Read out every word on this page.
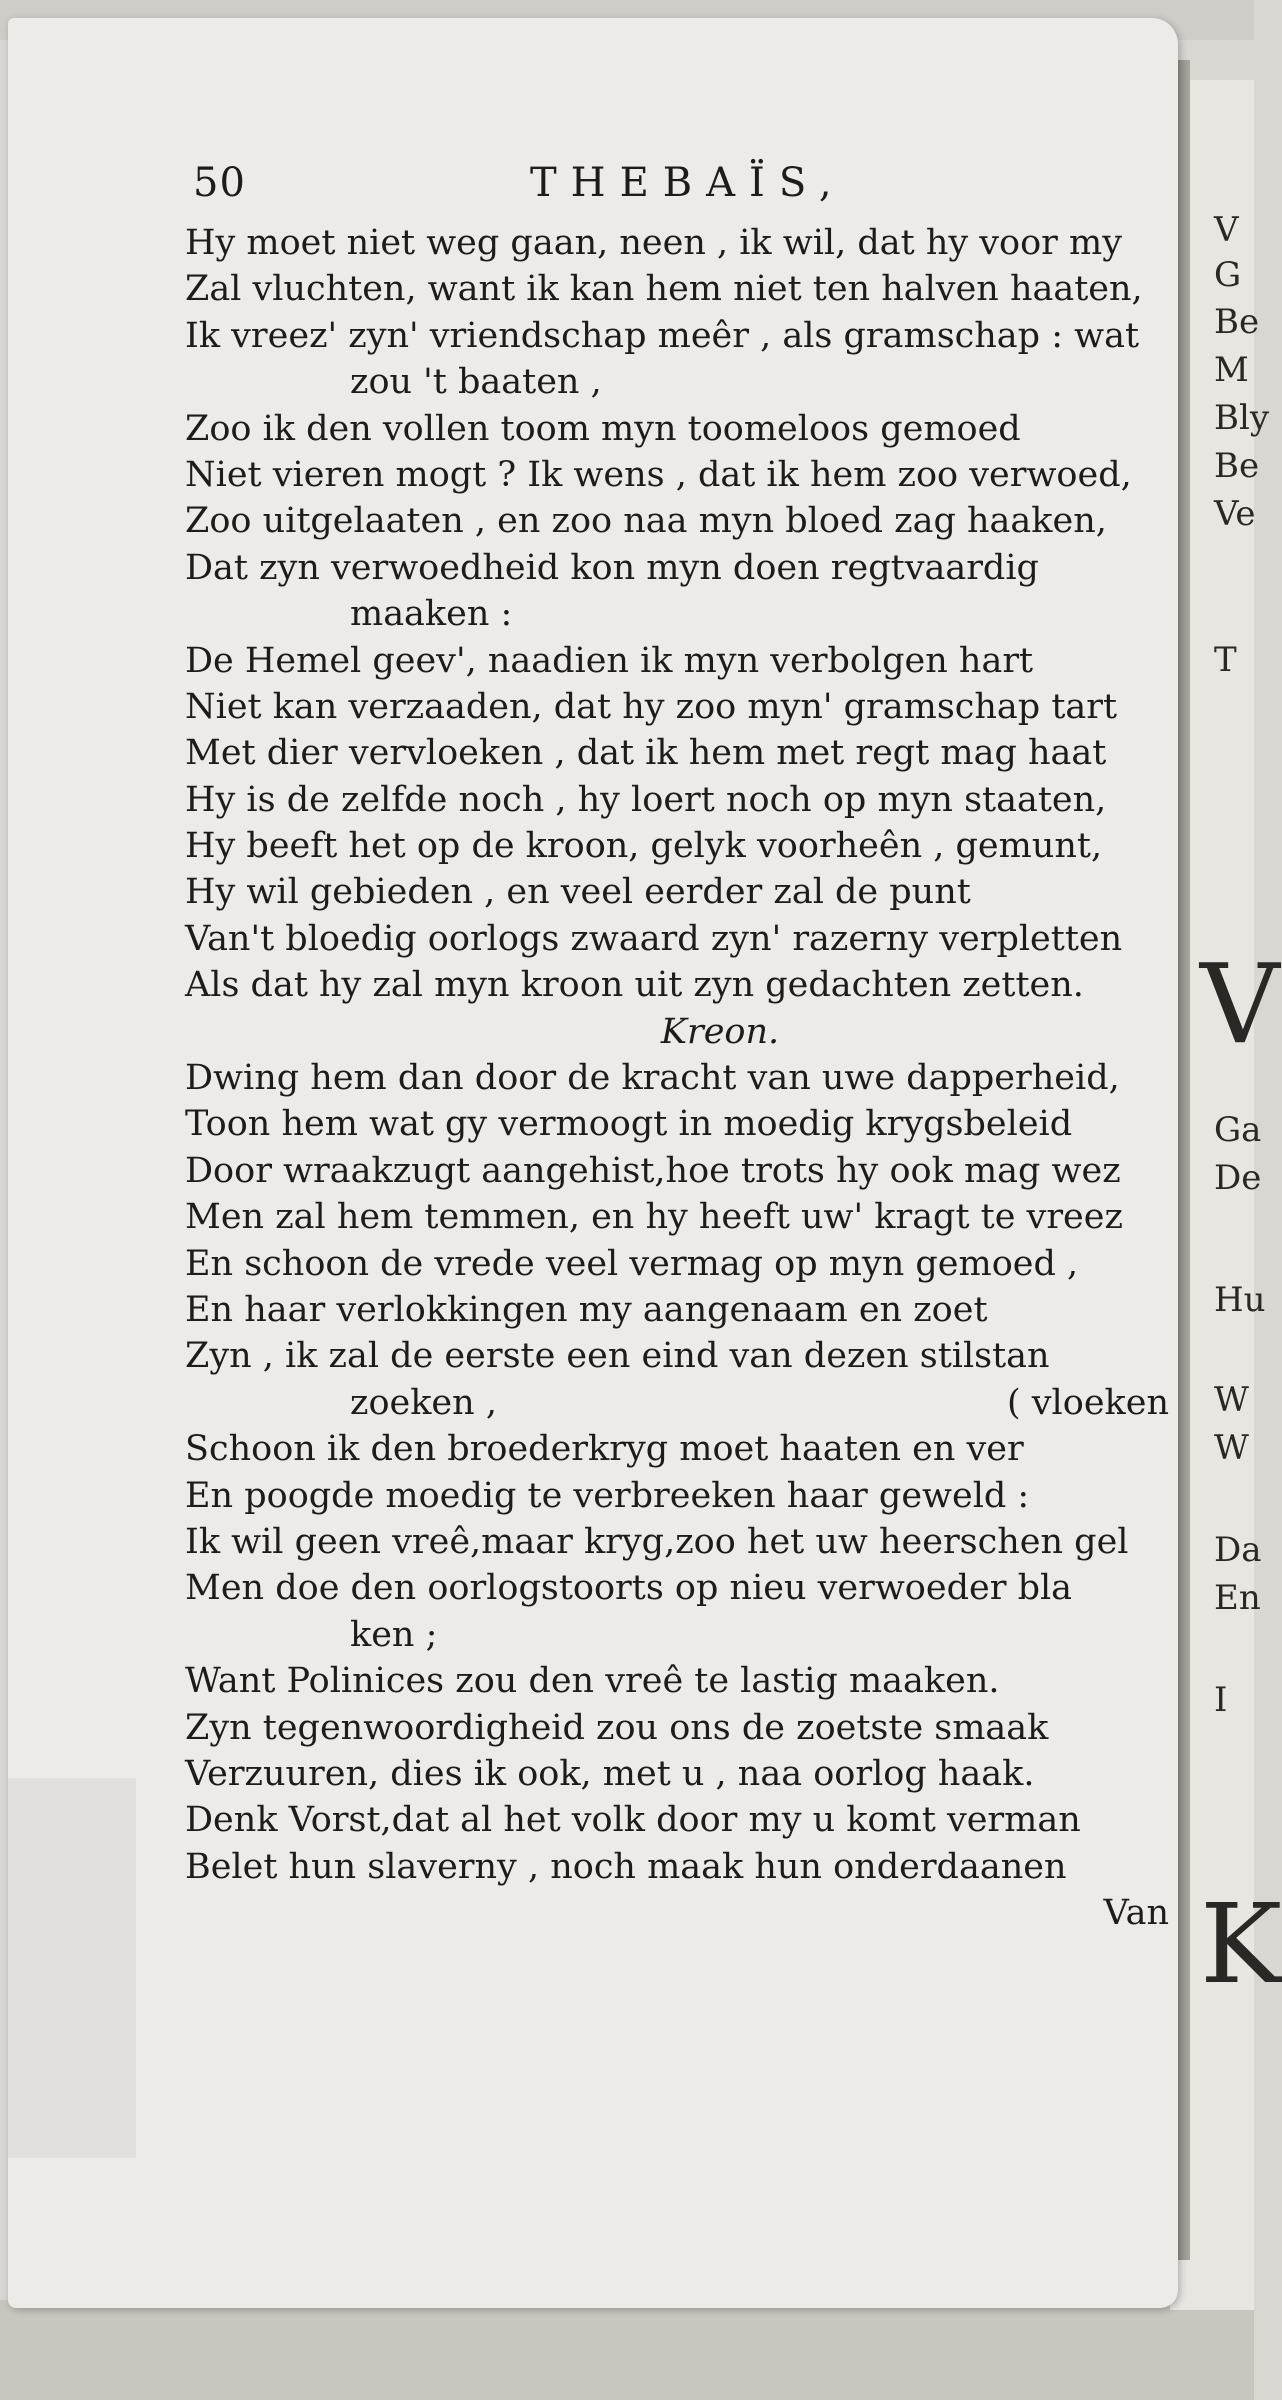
V
G
Be
M
Bly
Be
Ve
T
V
Ga
De
Hu
W
W
Da
En
I
K
50	THEBAÏS,
Hy moet niet weg gaan, neen , ik wil, dat hy voor my
Zal vluchten, want ik kan hem niet ten halven haaten,
Ik vreez' zyn' vriendschap meêr , als gramschap : wat
zou 't baaten ,
Zoo ik den vollen toom myn toomeloos gemoed
Niet vieren mogt ? Ik wens , dat ik hem zoo verwoed,
Zoo uitgelaaten , en zoo naa myn bloed zag haaken,
Dat zyn verwoedheid kon myn doen regtvaardig
maaken :
De Hemel geev', naadien ik myn verbolgen hart
Niet kan verzaaden, dat hy zoo myn' gramschap tart
Met dier vervloeken , dat ik hem met regt mag haat
Hy is de zelfde noch , hy loert noch op myn staaten,
Hy beeft het op de kroon, gelyk voorheên , gemunt,
Hy wil gebieden , en veel eerder zal de punt
Van't bloedig oorlogs zwaard zyn' razerny verpletten
Als dat hy zal myn kroon uit zyn gedachten zetten.
Kreon.
Dwing hem dan door de kracht van uwe dapperheid,
Toon hem wat gy vermoogt in moedig krygsbeleid
Door wraakzugt aangehist,hoe trots hy ook mag wez
Men zal hem temmen, en hy heeft uw' kragt te vreez
En schoon de vrede veel vermag op myn gemoed ,
En haar verlokkingen my aangenaam en zoet
Zyn , ik zal de eerste een eind van dezen stilstan
zoeken ,	( vloeken
Schoon ik den broederkryg moet haaten en ver
En poogde moedig te verbreeken haar geweld :
Ik wil geen vreê,maar kryg,zoo het uw heerschen gel
Men doe den oorlogstoorts op nieu verwoeder bla
ken ;
Want Polinices zou den vreê te lastig maaken.
Zyn tegenwoordigheid zou ons de zoetste smaak
Verzuuren, dies ik ook, met u , naa oorlog haak.
Denk Vorst,dat al het volk door my u komt verman
Belet hun slaverny , noch maak hun onderdaanen
Van
